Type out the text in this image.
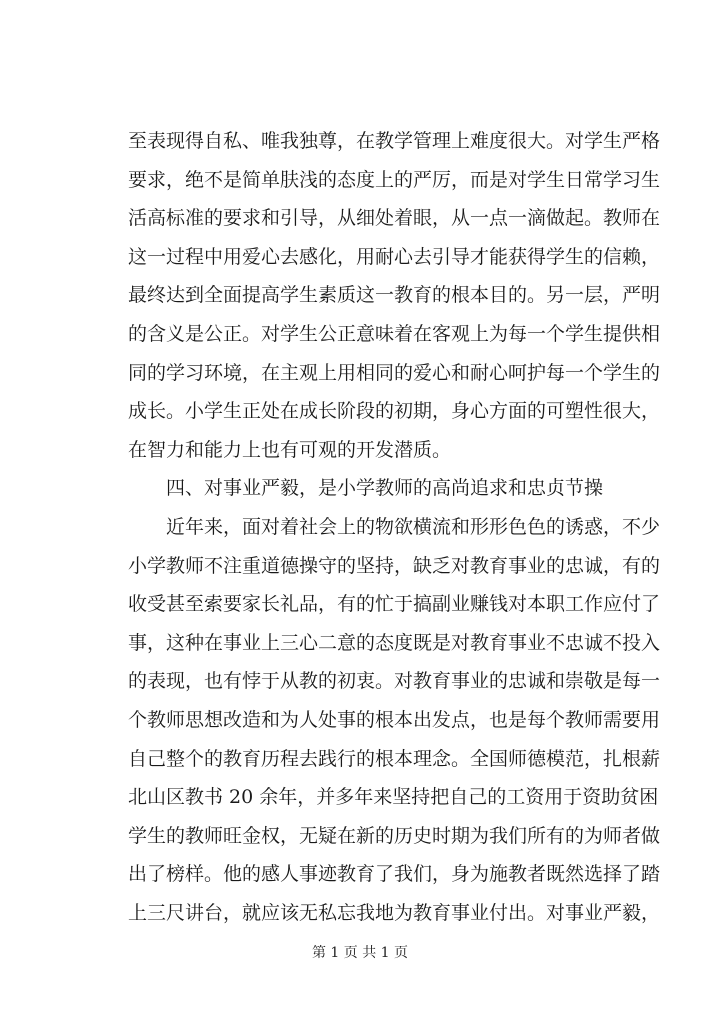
至表现得自私、唯我独尊，在教学管理上难度很大。对学生严格
要求，绝不是简单肤浅的态度上的严厉，而是对学生日常学习生
活高标准的要求和引导，从细处着眼，从一点一滴做起。教师在
这一过程中用爱心去感化，用耐心去引导才能获得学生的信赖，
最终达到全面提高学生素质这一教育的根本目的。另一层，严明
的含义是公正。对学生公正意味着在客观上为每一个学生提供相
同的学习环境，在主观上用相同的爱心和耐心呵护每一个学生的
成长。小学生正处在成长阶段的初期，身心方面的可塑性很大，
在智力和能力上也有可观的开发潜质。
　　四、对事业严毅，是小学教师的高尚追求和忠贞节操
　　近年来，面对着社会上的物欲横流和形形色色的诱惑，不少
小学教师不注重道德操守的坚持，缺乏对教育事业的忠诚，有的
收受甚至索要家长礼品，有的忙于搞副业赚钱对本职工作应付了
事，这种在事业上三心二意的态度既是对教育事业不忠诚不投入
的表现，也有悖于从教的初衷。对教育事业的忠诚和崇敬是每一
个教师思想改造和为人处事的根本出发点，也是每个教师需要用
自己整个的教育历程去践行的根本理念。全国师德模范，扎根薪
北山区教书 20 余年，并多年来坚持把自己的工资用于资助贫困
学生的教师旺金权，无疑在新的历史时期为我们所有的为师者做
出了榜样。他的感人事迹教育了我们，身为施教者既然选择了踏
上三尺讲台，就应该无私忘我地为教育事业付出。对事业严毅，
第 1 页 共 1 页
